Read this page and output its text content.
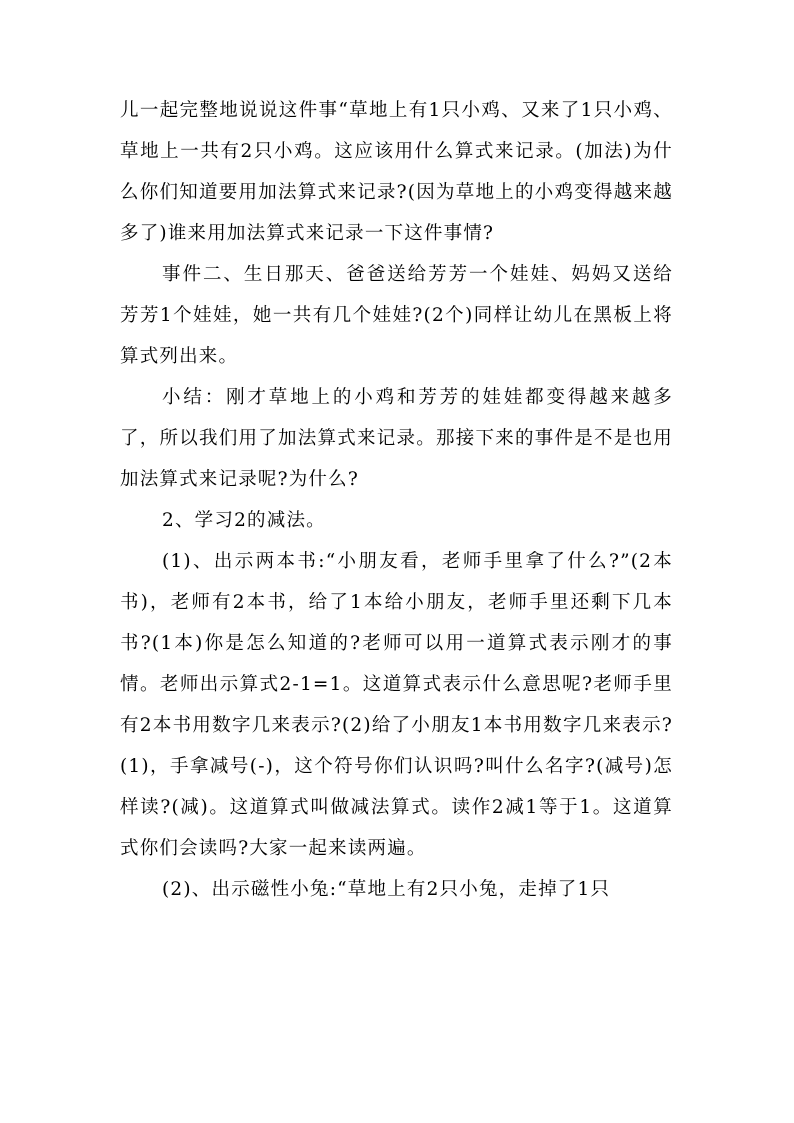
儿一起完整地说说这件事“草地上有1只小鸡、又来了1只小鸡、草地上一共有2只小鸡。这应该用什么算式来记录。(加法)为什么你们知道要用加法算式来记录?(因为草地上的小鸡变得越来越多了)谁来用加法算式来记录一下这件事情?

事件二、生日那天、爸爸送给芳芳一个娃娃、妈妈又送给芳芳1个娃娃，她一共有几个娃娃?(2个)同样让幼儿在黑板上将算式列出来。

小结：刚才草地上的小鸡和芳芳的娃娃都变得越来越多了，所以我们用了加法算式来记录。那接下来的事件是不是也用加法算式来记录呢?为什么?

2、学习2的减法。

(1)、出示两本书:“小朋友看，老师手里拿了什么?”(2本书)，老师有2本书，给了1本给小朋友，老师手里还剩下几本书?(1本)你是怎么知道的?老师可以用一道算式表示刚才的事情。老师出示算式2-1=1。这道算式表示什么意思呢?老师手里有2本书用数字几来表示?(2)给了小朋友1本书用数字几来表示?(1)，手拿减号(-)，这个符号你们认识吗?叫什么名字?(减号)怎样读?(减)。这道算式叫做减法算式。读作2减1等于1。这道算式你们会读吗?大家一起来读两遍。

(2)、出示磁性小兔:“草地上有2只小兔，走掉了1只
